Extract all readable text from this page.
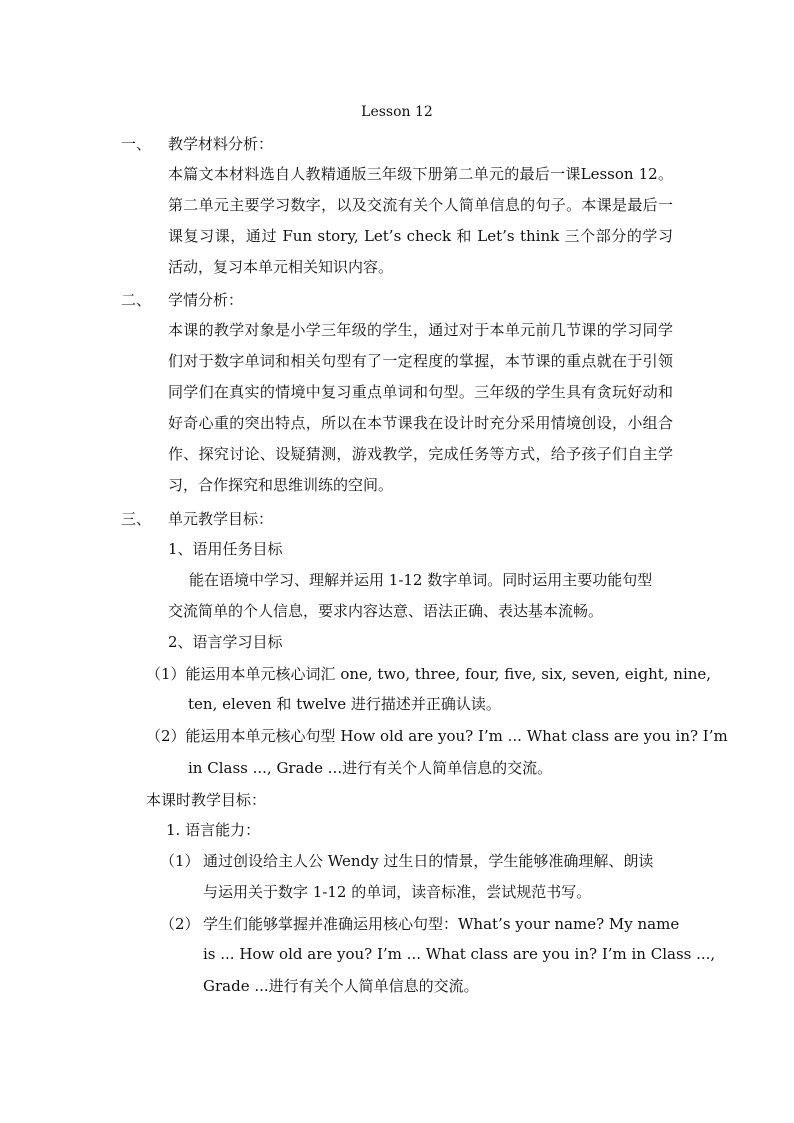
Lesson 12
一、 教学材料分析：
本篇文本材料选自人教精通版三年级下册第二单元的最后一课Lesson 12。第二单元主要学习数字，以及交流有关个人简单信息的句子。本课是最后一课复习课，通过 Fun story, Let’s check 和 Let’s think 三个部分的学习活动，复习本单元相关知识内容。
二、 学情分析：
本课的教学对象是小学三年级的学生，通过对于本单元前几节课的学习同学们对于数字单词和相关句型有了一定程度的掌握，本节课的重点就在于引领同学们在真实的情境中复习重点单词和句型。三年级的学生具有贪玩好动和好奇心重的突出特点，所以在本节课我在设计时充分采用情境创设，小组合作、探究讨论、设疑猜测，游戏教学，完成任务等方式，给予孩子们自主学习，合作探究和思维训练的空间。
三、 单元教学目标：
1、语用任务目标
能在语境中学习、理解并运用 1-12 数字单词。同时运用主要功能句型
交流简单的个人信息，要求内容达意、语法正确、表达基本流畅。
2、语言学习目标
（1）能运用本单元核心词汇 one, two, three, four, five, six, seven, eight, nine,
ten, eleven 和 twelve 进行描述并正确认读。
（2）能运用本单元核心句型 How old are you? I’m ... What class are you in? I’m
in Class ..., Grade ...进行有关个人简单信息的交流。
本课时教学目标：
1. 语言能力：
（1） 通过创设给主人公 Wendy 过生日的情景，学生能够准确理解、朗读
与运用关于数字 1-12 的单词，读音标准，尝试规范书写。
（2） 学生们能够掌握并准确运用核心句型：What’s your name? My name
is ... How old are you? I’m ... What class are you in? I’m in Class ...,
Grade ...进行有关个人简单信息的交流。
